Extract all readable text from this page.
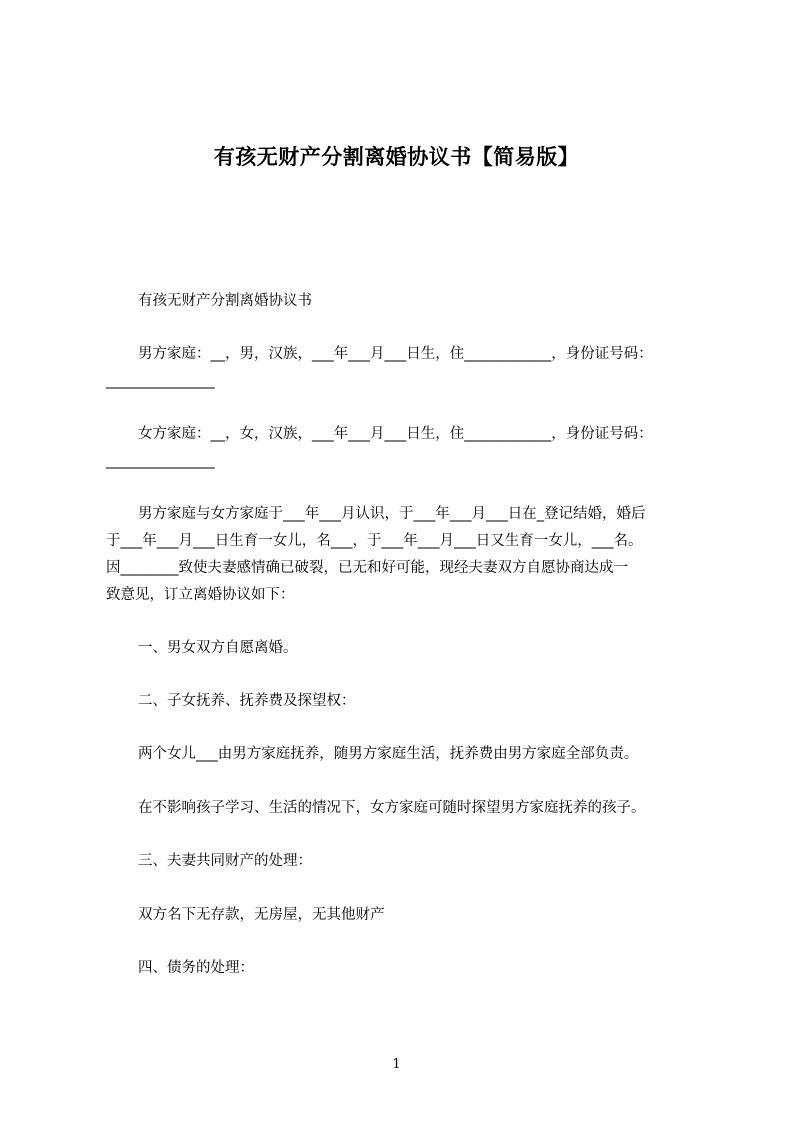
有孩无财产分割离婚协议书【简易版】
有孩无财产分割离婚协议书
男方家庭：__，男，汉族，___年___月___日生，住____________，身份证号码：
_______________
女方家庭：__，女，汉族，___年___月___日生，住____________，身份证号码：
_______________
男方家庭与女方家庭于___年___月认识，于___年___月___日在_登记结婚，婚后
于___年___月___日生育一女儿，名___，于___年___月___日又生育一女儿，___名。
因________致使夫妻感情确已破裂，已无和好可能，现经夫妻双方自愿协商达成一
致意见，订立离婚协议如下：
一、男女双方自愿离婚。
二、子女抚养、抚养费及探望权：
两个女儿___由男方家庭抚养，随男方家庭生活，抚养费由男方家庭全部负责。
在不影响孩子学习、生活的情况下，女方家庭可随时探望男方家庭抚养的孩子。
三、夫妻共同财产的处理：
双方名下无存款，无房屋，无其他财产
四、债务的处理：
1
